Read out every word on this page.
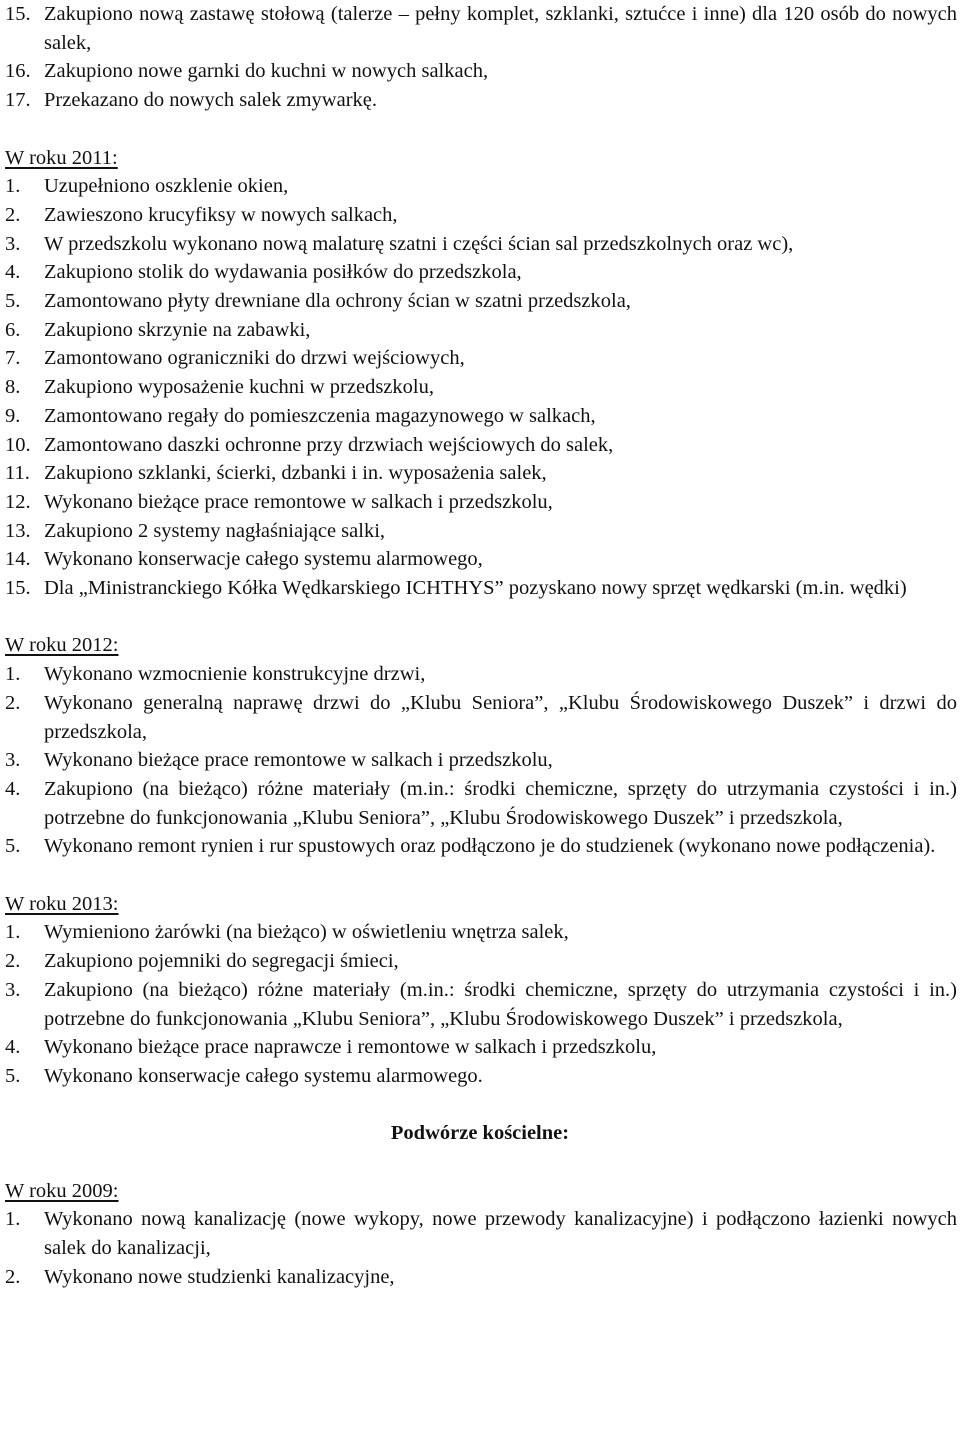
15. Zakupiono nową zastawę stołową (talerze – pełny komplet, szklanki, sztućce i inne) dla 120 osób do nowych salek,
16. Zakupiono nowe garnki do kuchni w nowych salkach,
17. Przekazano do nowych salek zmywarkę.
W roku 2011:
1.	Uzupełniono oszklenie okien,
2.	Zawieszono krucyfiksy w nowych salkach,
3.	W przedszkolu wykonano nową malaturę szatni i części ścian sal przedszkolnych oraz wc),
4.	Zakupiono stolik do wydawania posiłków do przedszkola,
5.	Zamontowano płyty drewniane dla ochrony ścian w szatni przedszkola,
6.	Zakupiono skrzynie na zabawki,
7.	Zamontowano ograniczniki do drzwi wejściowych,
8.	Zakupiono wyposażenie kuchni w przedszkolu,
9.	Zamontowano regały do pomieszczenia magazynowego w salkach,
10. Zamontowano daszki ochronne przy drzwiach wejściowych do salek,
11. Zakupiono szklanki, ścierki, dzbanki i in. wyposażenia salek,
12. Wykonano bieżące prace remontowe w salkach i przedszkolu,
13. Zakupiono 2 systemy nagłaśniające salki,
14. Wykonano konserwacje całego systemu alarmowego,
15. Dla „Ministranckiego Kółka Wędkarskiego ICHTHYS” pozyskano nowy sprzęt wędkarski (m.in. wędki)
W roku 2012:
1.	Wykonano wzmocnienie konstrukcyjne drzwi,
2.	Wykonano generalną naprawę drzwi do „Klubu Seniora”, „Klubu Środowiskowego Duszek” i drzwi do przedszkola,
3.	Wykonano bieżące prace remontowe w salkach i przedszkolu,
4.	Zakupiono (na bieżąco) różne materiały (m.in.: środki chemiczne, sprzęty do utrzymania czystości i in.) potrzebne do funkcjonowania „Klubu Seniora”, „Klubu Środowiskowego Duszek” i przedszkola,
5.	Wykonano remont rynien i rur spustowych oraz podłączono je do studzienek (wykonano nowe podłączenia).
W roku 2013:
1.	Wymieniono żarówki (na bieżąco) w oświetleniu wnętrza salek,
2.	Zakupiono pojemniki do segregacji śmieci,
3.	Zakupiono (na bieżąco) różne materiały (m.in.: środki chemiczne, sprzęty do utrzymania czystości i in.) potrzebne do funkcjonowania „Klubu Seniora”, „Klubu Środowiskowego Duszek” i przedszkola,
4.	Wykonano bieżące prace naprawcze i remontowe w salkach i przedszkolu,
5.	Wykonano konserwacje całego systemu alarmowego.
Podwórze kościelne:
W roku 2009:
1.	Wykonano nową kanalizację (nowe wykopy, nowe przewody kanalizacyjne) i podłączono łazienki nowych salek do kanalizacji,
2.	Wykonano nowe studzienki kanalizacyjne,
